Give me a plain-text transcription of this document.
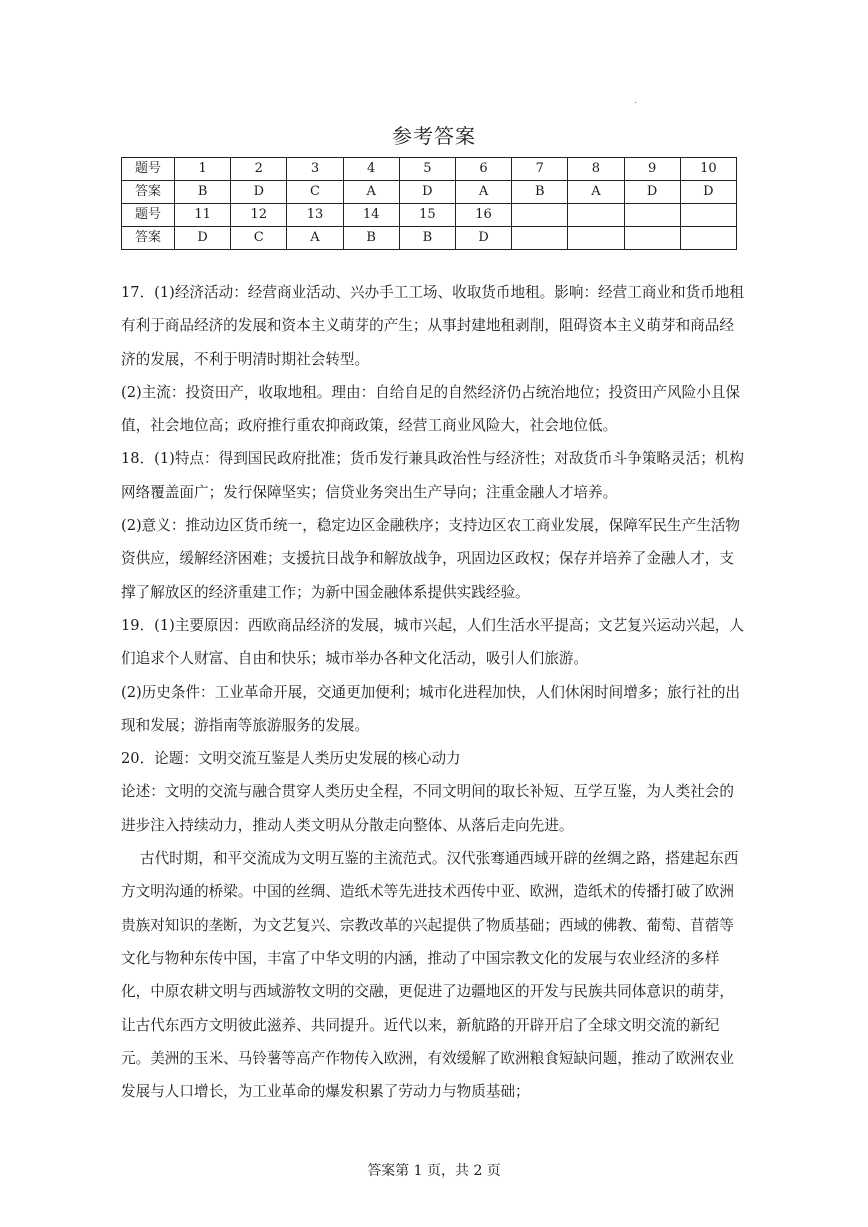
.
参考答案
题号	1	2	3	4	5	6	7	8	9	10
答案	B	D	C	A	D	A	B	A	D	D
题号	11	12	13	14	15	16				
答案	D	C	A	B	B	D				

17．(1)经济活动：经营商业活动、兴办手工工场、收取货币地租。影响：经营工商业和货币地租有利于商品经济的发展和资本主义萌芽的产生；从事封建地租剥削，阻碍资本主义萌芽和商品经济的发展，不利于明清时期社会转型。

(2)主流：投资田产，收取地租。理由：自给自足的自然经济仍占统治地位；投资田产风险小且保值，社会地位高；政府推行重农抑商政策，经营工商业风险大，社会地位低。

18．(1)特点：得到国民政府批准；货币发行兼具政治性与经济性；对敌货币斗争策略灵活；机构网络覆盖面广；发行保障坚实；信贷业务突出生产导向；注重金融人才培养。

(2)意义：推动边区货币统一，稳定边区金融秩序；支持边区农工商业发展，保障军民生产生活物资供应，缓解经济困难；支援抗日战争和解放战争，巩固边区政权；保存并培养了金融人才，支撑了解放区的经济重建工作；为新中国金融体系提供实践经验。

19．(1)主要原因：西欧商品经济的发展，城市兴起，人们生活水平提高；文艺复兴运动兴起，人们追求个人财富、自由和快乐；城市举办各种文化活动，吸引人们旅游。

(2)历史条件：工业革命开展，交通更加便利；城市化进程加快，人们休闲时间增多；旅行社的出现和发展；游指南等旅游服务的发展。

20．论题：文明交流互鉴是人类历史发展的核心动力

论述：文明的交流与融合贯穿人类历史全程，不同文明间的取长补短、互学互鉴，为人类社会的进步注入持续动力，推动人类文明从分散走向整体、从落后走向先进。

古代时期，和平交流成为文明互鉴的主流范式。汉代张骞通西域开辟的丝绸之路，搭建起东西方文明沟通的桥梁。中国的丝绸、造纸术等先进技术西传中亚、欧洲，造纸术的传播打破了欧洲贵族对知识的垄断，为文艺复兴、宗教改革的兴起提供了物质基础；西域的佛教、葡萄、苜蓿等文化与物种东传中国，丰富了中华文明的内涵，推动了中国宗教文化的发展与农业经济的多样化，中原农耕文明与西域游牧文明的交融，更促进了边疆地区的开发与民族共同体意识的萌芽，让古代东西方文明彼此滋养、共同提升。近代以来，新航路的开辟开启了全球文明交流的新纪元。美洲的玉米、马铃薯等高产作物传入欧洲，有效缓解了欧洲粮食短缺问题，推动了欧洲农业发展与人口增长，为工业革命的爆发积累了劳动力与物质基础；

答案第 1 页，共 2 页
